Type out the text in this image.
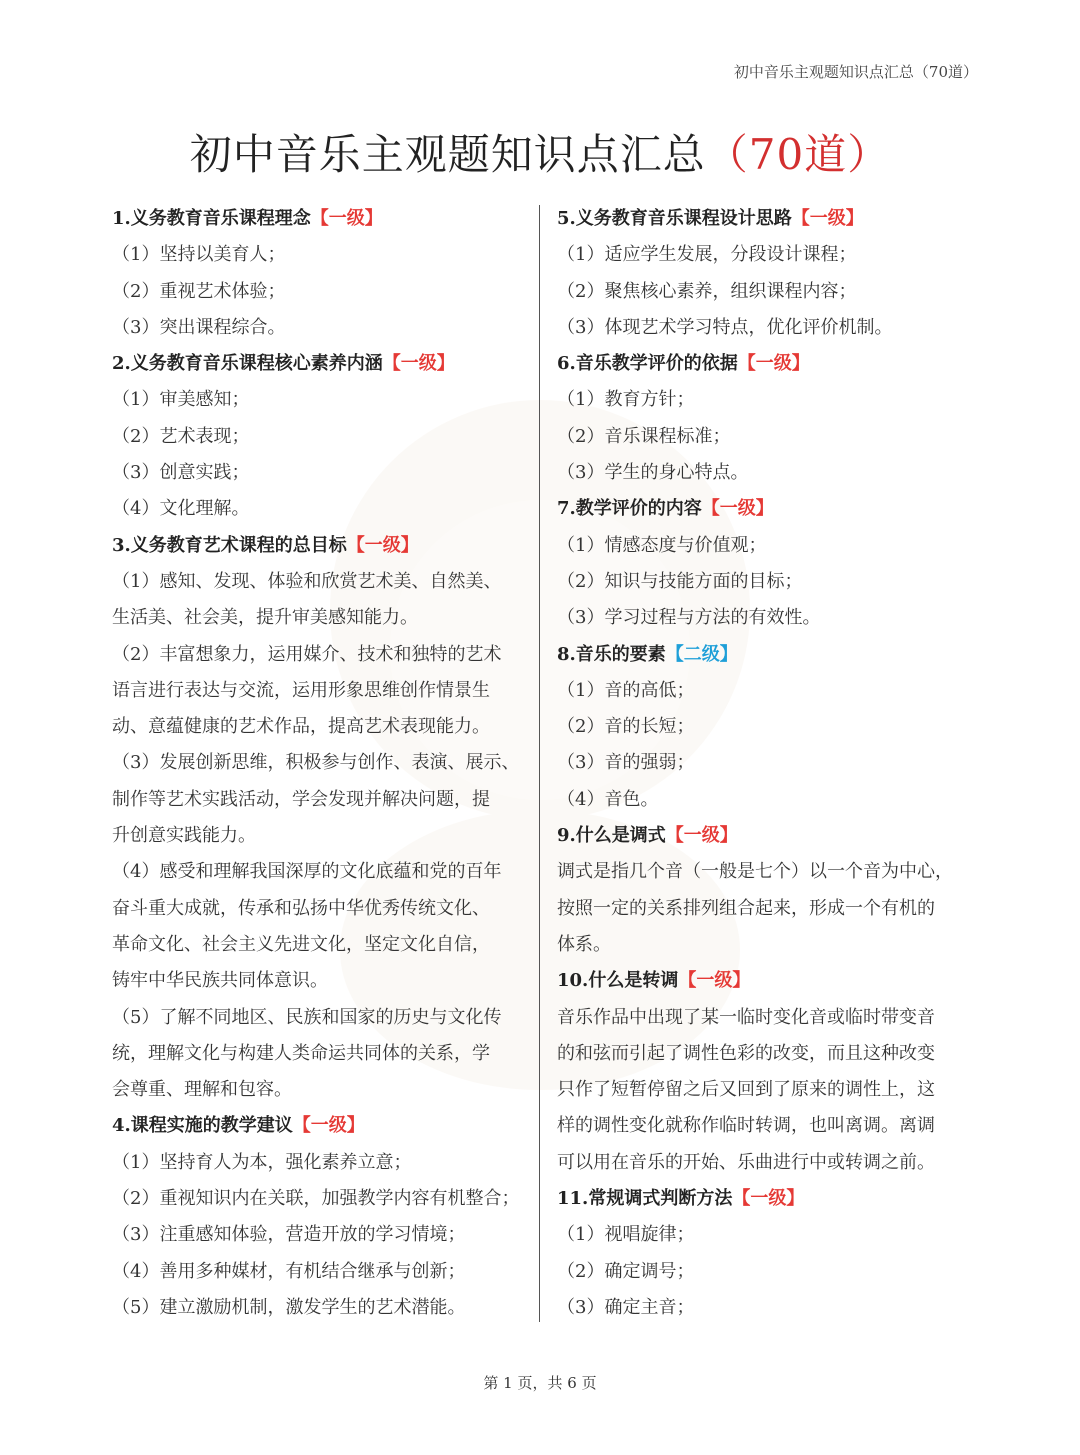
初中音乐主观题知识点汇总（70道）
初中音乐主观题知识点汇总（70道）
1.义务教育音乐课程理念【一级】
（1）坚持以美育人；
（2）重视艺术体验；
（3）突出课程综合。
2.义务教育音乐课程核心素养内涵【一级】
（1）审美感知；
（2）艺术表现；
（3）创意实践；
（4）文化理解。
3.义务教育艺术课程的总目标【一级】
（1）感知、发现、体验和欣赏艺术美、自然美、
生活美、社会美，提升审美感知能力。
（2）丰富想象力，运用媒介、技术和独特的艺术
语言进行表达与交流，运用形象思维创作情景生
动、意蕴健康的艺术作品，提高艺术表现能力。
（3）发展创新思维，积极参与创作、表演、展示、
制作等艺术实践活动，学会发现并解决问题，提
升创意实践能力。
（4）感受和理解我国深厚的文化底蕴和党的百年
奋斗重大成就，传承和弘扬中华优秀传统文化、
革命文化、社会主义先进文化，坚定文化自信，
铸牢中华民族共同体意识。
（5）了解不同地区、民族和国家的历史与文化传
统，理解文化与构建人类命运共同体的关系，学
会尊重、理解和包容。
4.课程实施的教学建议【一级】
（1）坚持育人为本，强化素养立意；
（2）重视知识内在关联，加强教学内容有机整合；
（3）注重感知体验，营造开放的学习情境；
（4）善用多种媒材，有机结合继承与创新；
（5）建立激励机制，激发学生的艺术潜能。
5.义务教育音乐课程设计思路【一级】
（1）适应学生发展，分段设计课程；
（2）聚焦核心素养，组织课程内容；
（3）体现艺术学习特点，优化评价机制。
6.音乐教学评价的依据【一级】
（1）教育方针；
（2）音乐课程标准；
（3）学生的身心特点。
7.教学评价的内容【一级】
（1）情感态度与价值观；
（2）知识与技能方面的目标；
（3）学习过程与方法的有效性。
8.音乐的要素【二级】
（1）音的高低；
（2）音的长短；
（3）音的强弱；
（4）音色。
9.什么是调式【一级】
调式是指几个音（一般是七个）以一个音为中心，
按照一定的关系排列组合起来，形成一个有机的
体系。
10.什么是转调【一级】
音乐作品中出现了某一临时变化音或临时带变音
的和弦而引起了调性色彩的改变，而且这种改变
只作了短暂停留之后又回到了原来的调性上，这
样的调性变化就称作临时转调，也叫离调。离调
可以用在音乐的开始、乐曲进行中或转调之前。
11.常规调式判断方法【一级】
（1）视唱旋律；
（2）确定调号；
（3）确定主音；
第 1 页，共 6 页
